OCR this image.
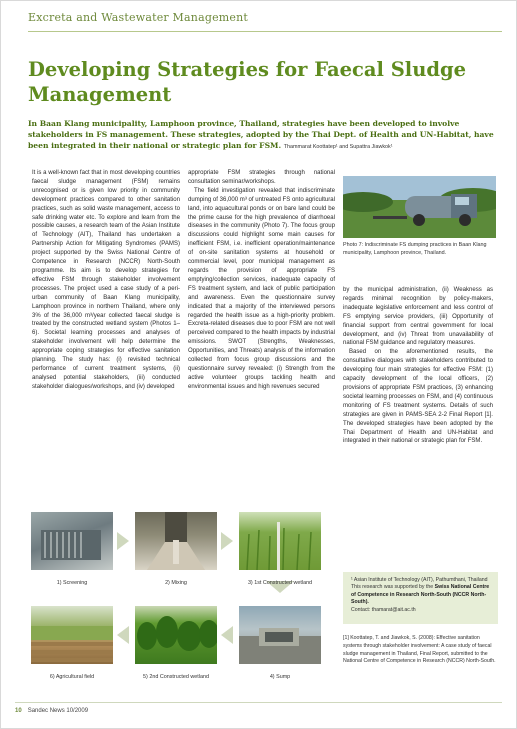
Excreta and Wastewater Management
Developing Strategies for Faecal Sludge Management
In Baan Klang municipality, Lamphoon province, Thailand, strategies have been developed to involve stakeholders in FS management. These strategies, adopted by the Thai Dept. of Health and UN-Habitat, have been integrated in their national or strategic plan for FSM. Thammarat Koottatep¹ and Supattra Jiawkok¹

It is a well-known fact that in most developing countries faecal sludge management (FSM) remains unrecognised or is given low priority in community development practices compared to other sanitation practices, such as solid waste management, access to safe drinking water etc. To explore and learn from the possible causes, a research team of the Asian Institute of Technology (AIT), Thailand has undertaken a Partnership Action for Mitigating Syndromes (PAMS) project supported by the Swiss National Centre of Competence in Research (NCCR) North-South programme. Its aim is to develop strategies for effective FSM through stakeholder involvement processes. The project used a case study of a peri-urban community of Baan Klang municipality, Lamphoon province in northern Thailand, where only 3% of the 36,000 m³/year collected faecal sludge is treated by the constructed wetland system (Photos 1–6). Societal learning processes and analyses of stakeholder involvement will help determine the appropriate coping strategies for effective sanitation planning. The study has: (i) revisited technical performance of current treatment systems, (ii) analysed potential stakeholders, (iii) conducted stakeholder dialogues/workshops, and (iv) developed

appropriate FSM strategies through national consultation seminar/workshops.

The field investigation revealed that indiscriminate dumping of 36,000 m³ of untreated FS onto agricultural land, into aquacultural ponds or on bare land could be the prime cause for the high prevalence of diarrhoeal diseases in the community (Photo 7). The focus group discussions could highlight some main causes for inefficient FSM, i.e. inefficient operation/maintenance of on-site sanitation systems at household or commercial level, poor municipal management as regards the provision of appropriate FS emptying/collection services, inadequate capacity of FS treatment system, and lack of public participation and awareness. Even the questionnaire survey indicated that a majority of the interviewed persons regarded the health issue as a high-priority problem. Excreta-related diseases due to poor FSM are not well perceived compared to the health impacts by industrial emissions. SWOT (Strengths, Weaknesses, Opportunities, and Threats) analysis of the information collected from focus group discussions and the questionnaire survey revealed: (i) Strength from the active volunteer groups tackling health and environmental issues and high revenues secured

Photo 7: Indiscriminate FS dumping practices in Baan Klang municipality, Lamphoon province, Thailand.

by the municipal administration, (ii) Weakness as regards minimal recognition by policy-makers, inadequate legislative enforcement and less control of FS emptying service providers, (iii) Opportunity of financial support from central government for local development, and (iv) Threat from unavailability of national FSM guidance and regulatory measures.

Based on the aforementioned results, the consultative dialogues with stakeholders contributed to developing four main strategies for effective FSM: (1) capacity development of the local officers, (2) provisions of appropriate FSM practices, (3) enhancing societal learning processes on FSM, and (4) continuous monitoring of FS treatment systems. Details of such strategies are given in PAMS-SEA 2-2 Final Report [1]. The developed strategies have been adopted by the Thai Department of Health and UN-Habitat and integrated in their national or strategic plan for FSM.

1) Screening	2) Mixing	3) 1st Constructed wetland
6) Agricultural field	5) 2nd Constructed wetland	4) Sump
¹ Asian Institute of Technology (AIT), Pathumthani, Thailand
This research was supported by the Swiss National Centre of Competence in Research North-South (NCCR North-South).
Contact: thamarat@ait.ac.th
[1] Koottatep, T. and Jiawkok, S. (2008): Effective sanitation systems through stakeholder involvement: A case study of faecal sludge management in Thailand, Final Report, submitted to the National Centre of Competence in Research (NCCR) North-South.
10 Sandec News 10/2009
